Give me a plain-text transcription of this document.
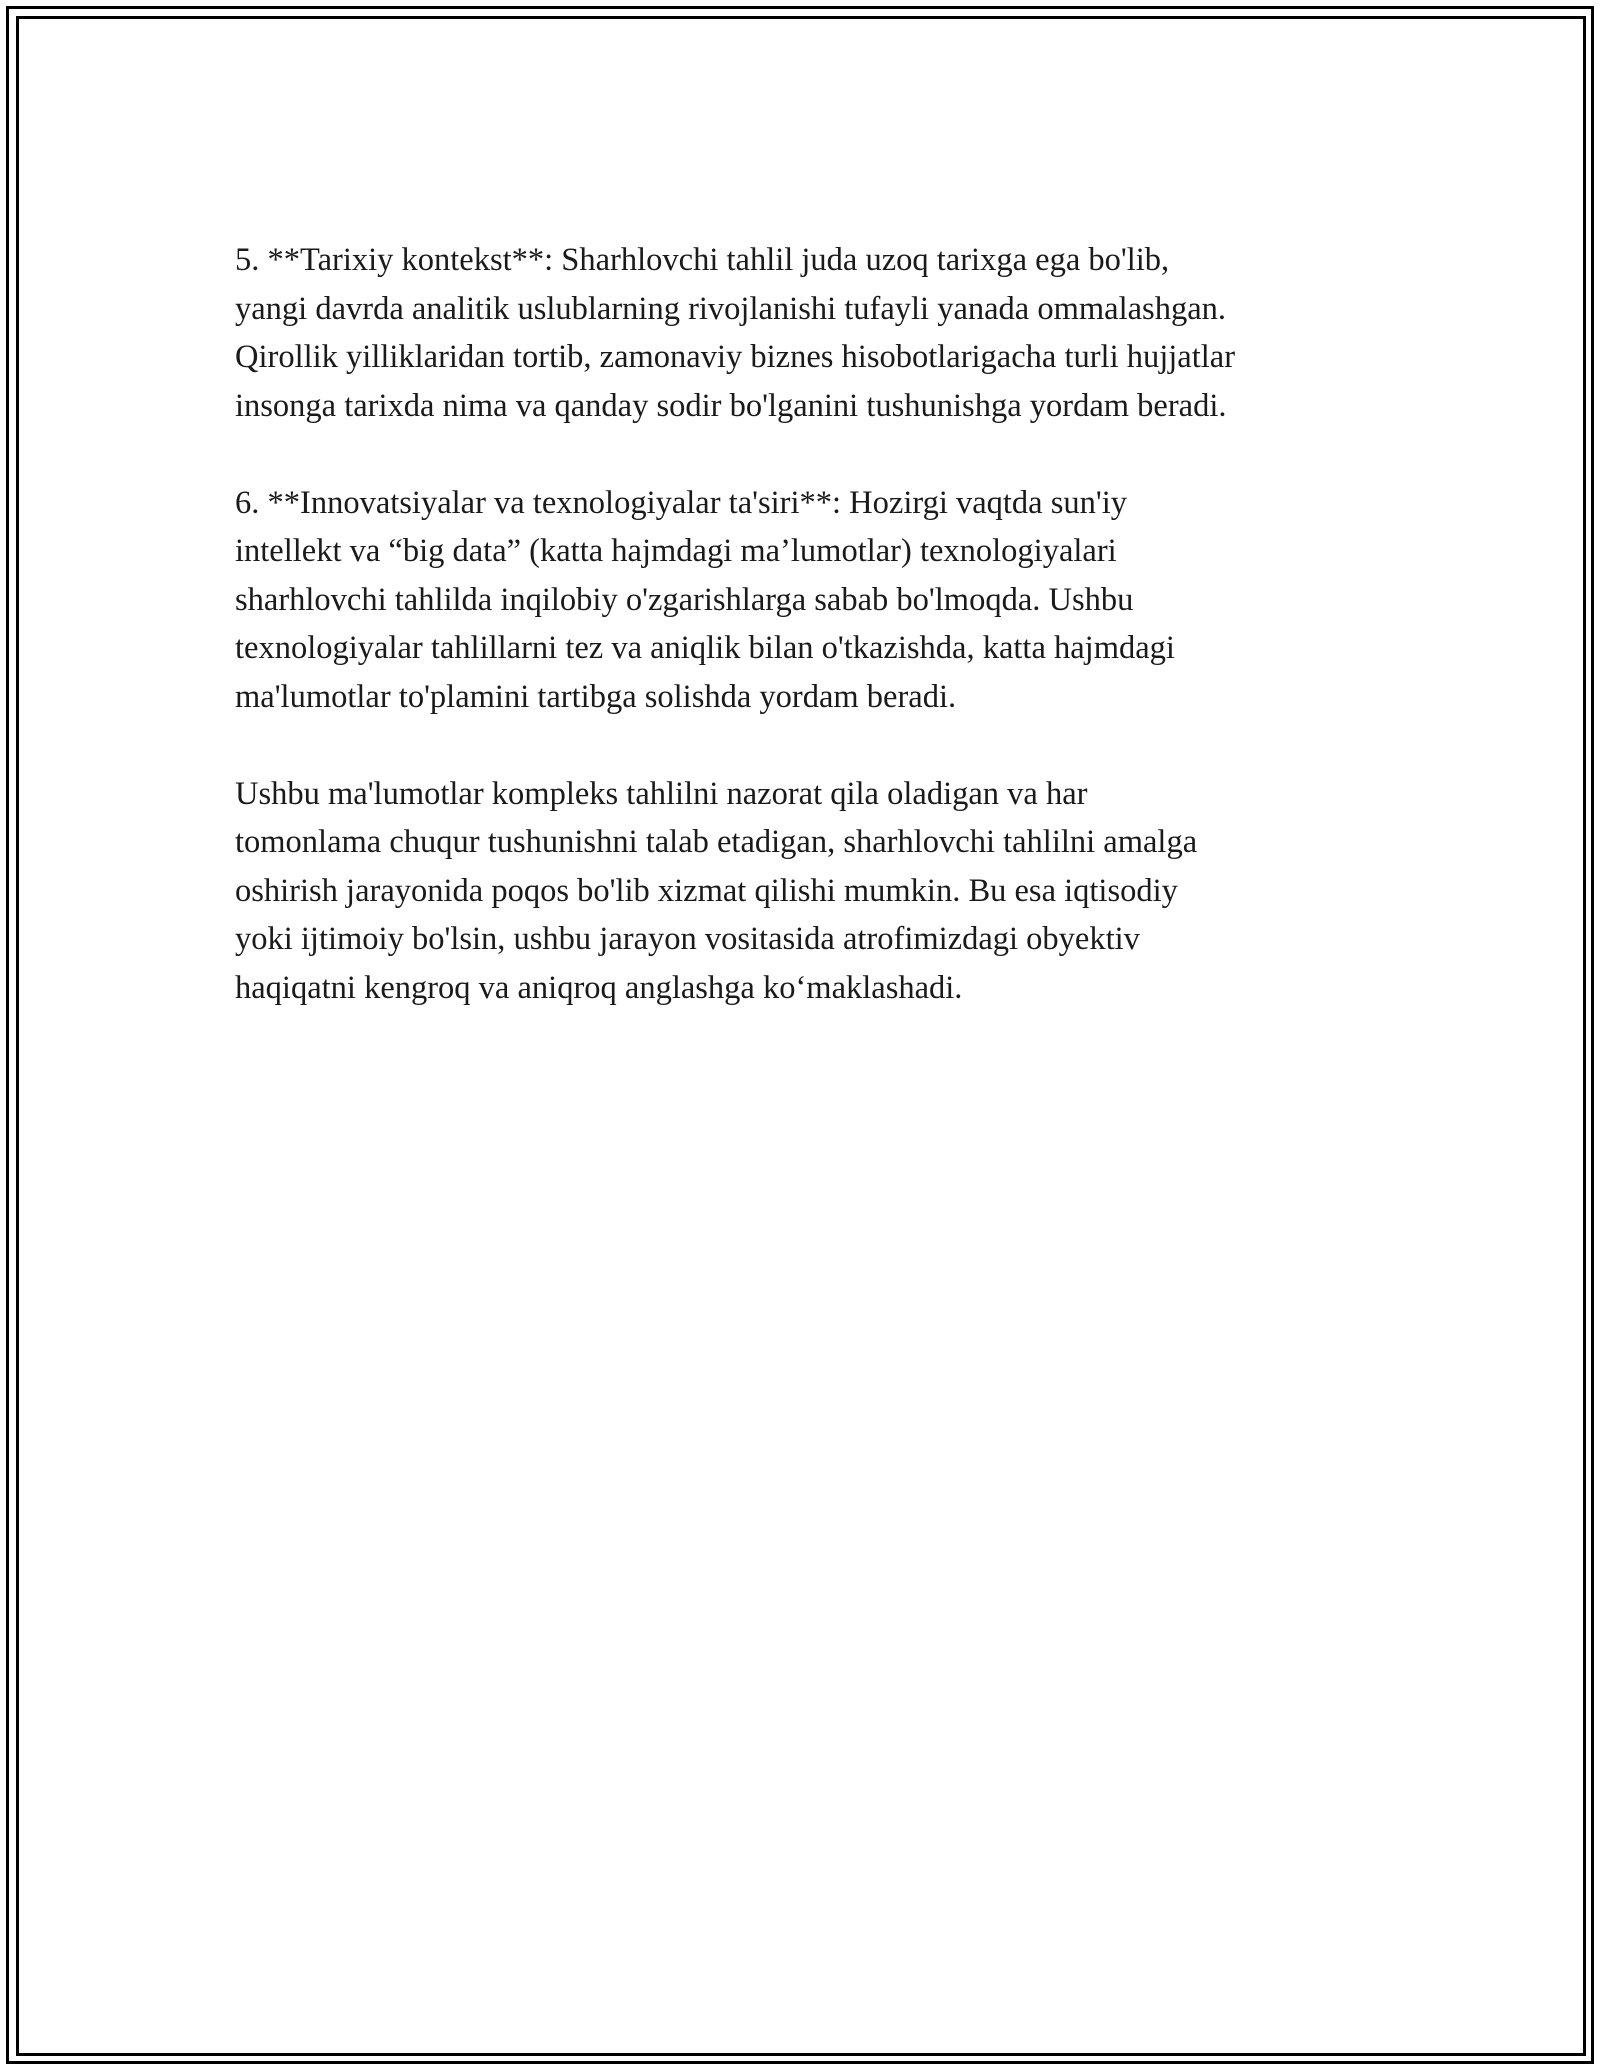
5. **Tarixiy kontekst**: Sharhlovchi tahlil juda uzoq tarixga ega bo'lib,
yangi davrda analitik uslublarning rivojlanishi tufayli yanada ommalashgan.
Qirollik yilliklaridan tortib, zamonaviy biznes hisobotlarigacha turli hujjatlar
insonga tarixda nima va qanday sodir bo'lganini tushunishga yordam beradi.

6. **Innovatsiyalar va texnologiyalar ta'siri**: Hozirgi vaqtda sun'iy
intellekt va “big data” (katta hajmdagi ma’lumotlar) texnologiyalari
sharhlovchi tahlilda inqilobiy o'zgarishlarga sabab bo'lmoqda. Ushbu
texnologiyalar tahlillarni tez va aniqlik bilan o'tkazishda, katta hajmdagi
ma'lumotlar to'plamini tartibga solishda yordam beradi.

Ushbu ma'lumotlar kompleks tahlilni nazorat qila oladigan va har
tomonlama chuqur tushunishni talab etadigan, sharhlovchi tahlilni amalga
oshirish jarayonida poqos bo'lib xizmat qilishi mumkin. Bu esa iqtisodiy
yoki ijtimoiy bo'lsin, ushbu jarayon vositasida atrofimizdagi obyektiv
haqiqatni kengroq va aniqroq anglashga ko‘maklashadi.
